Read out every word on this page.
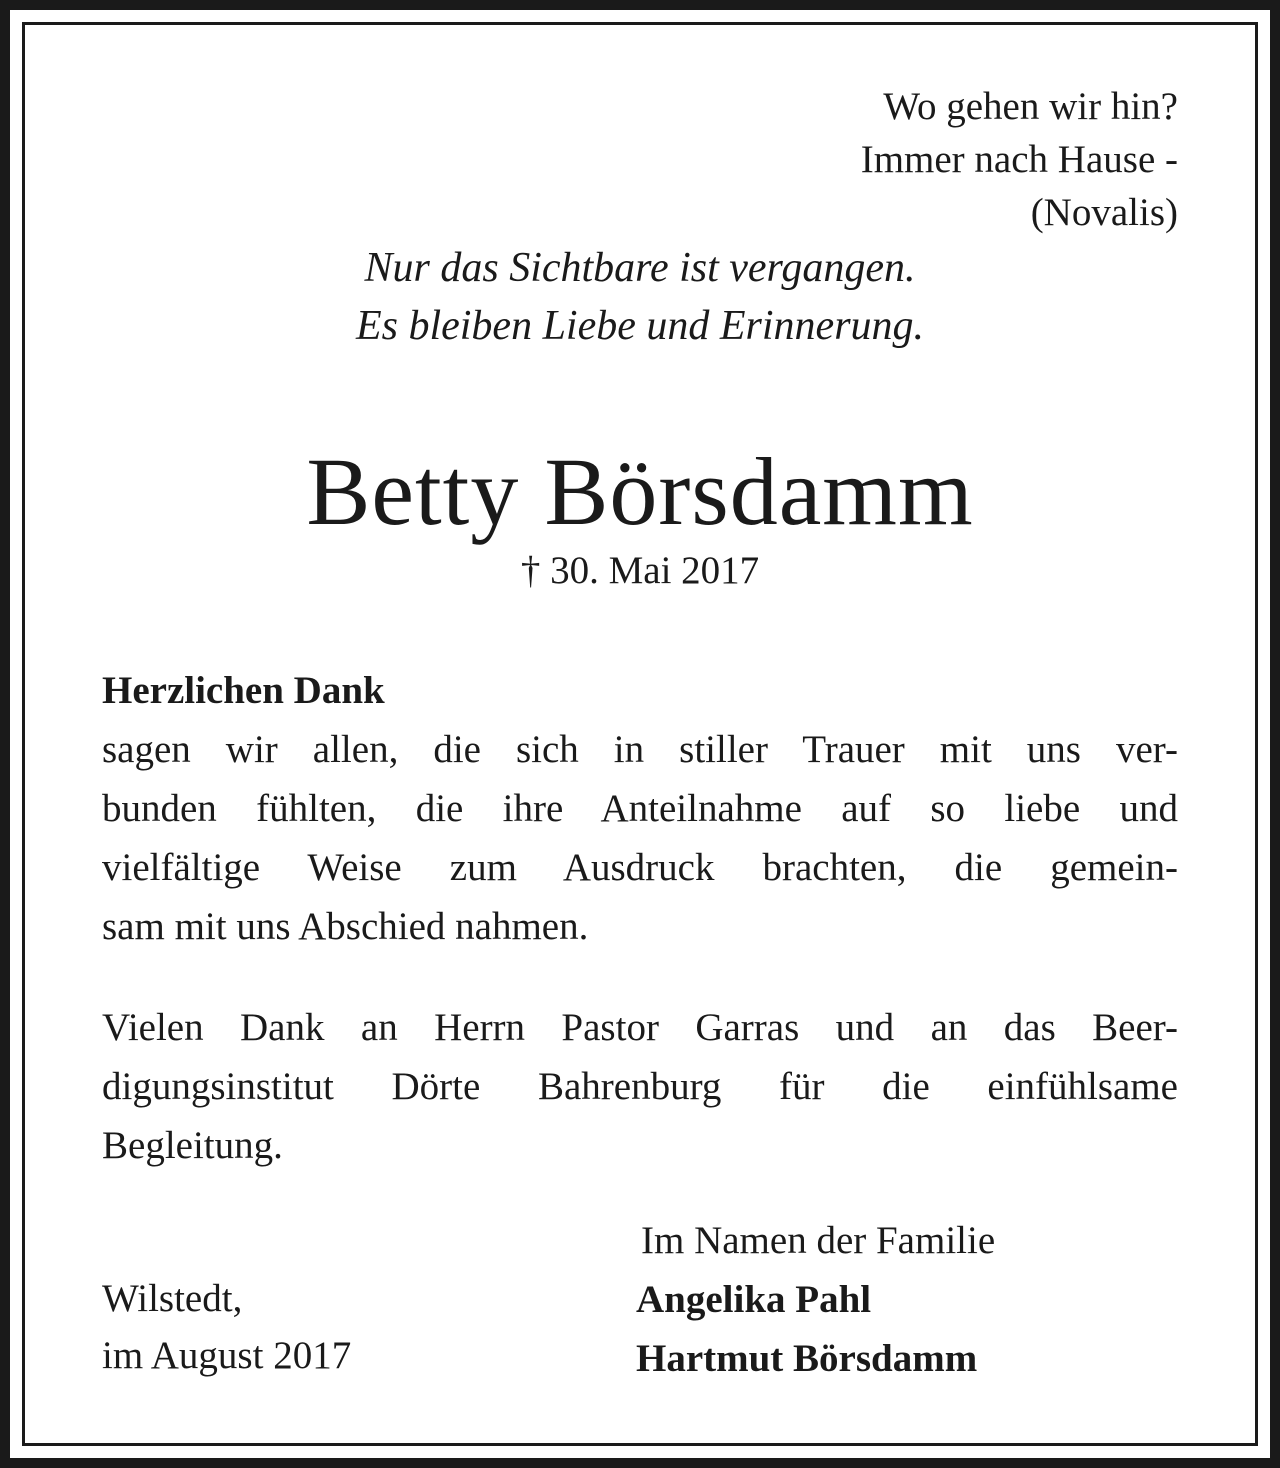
Wo gehen wir hin?
Immer nach Hause -
(Novalis)
Nur das Sichtbare ist vergangen.
Es bleiben Liebe und Erinnerung.
Betty Börsdamm
† 30. Mai 2017
Herzlichen Dank
sagen wir allen, die sich in stiller Trauer mit uns ver-
bunden fühlten, die ihre Anteilnahme auf so liebe und
vielfältige Weise zum Ausdruck brachten, die gemein-
sam mit uns Abschied nahmen.
Vielen Dank an Herrn Pastor Garras und an das Beer-
digungsinstitut Dörte Bahrenburg für die einfühlsame
Begleitung.
Wilstedt,
im August 2017
Im Namen der Familie
Angelika Pahl
Hartmut Börsdamm
